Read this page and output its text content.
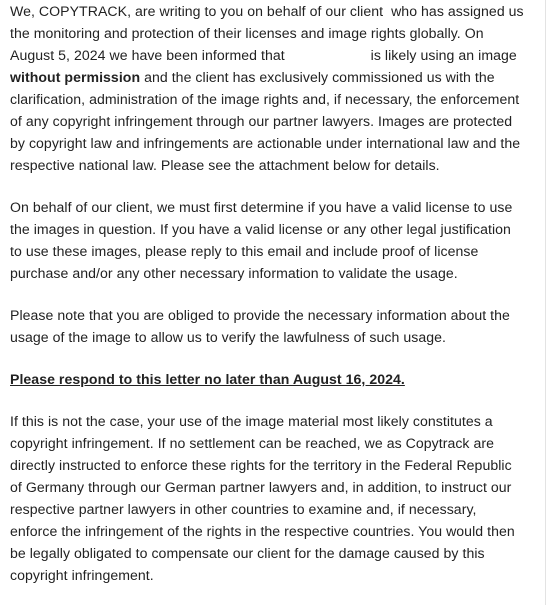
We, COPYTRACK, are writing to you on behalf of our client who has assigned us the monitoring and protection of their licenses and image rights globally. On August 5, 2024 we have been informed that	is likely using an image without permission and the client has exclusively commissioned us with the clarification, administration of the image rights and, if necessary, the enforcement of any copyright infringement through our partner lawyers. Images are protected by copyright law and infringements are actionable under international law and the respective national law. Please see the attachment below for details.

On behalf of our client, we must first determine if you have a valid license to use the images in question. If you have a valid license or any other legal justification to use these images, please reply to this email and include proof of license purchase and/or any other necessary information to validate the usage.

Please note that you are obliged to provide the necessary information about the usage of the image to allow us to verify the lawfulness of such usage.

Please respond to this letter no later than August 16, 2024.

If this is not the case, your use of the image material most likely constitutes a copyright infringement. If no settlement can be reached, we as Copytrack are directly instructed to enforce these rights for the territory in the Federal Republic of Germany through our German partner lawyers and, in addition, to instruct our respective partner lawyers in other countries to examine and, if necessary, enforce the infringement of the rights in the respective countries. You would then be legally obligated to compensate our client for the damage caused by this copyright infringement.
